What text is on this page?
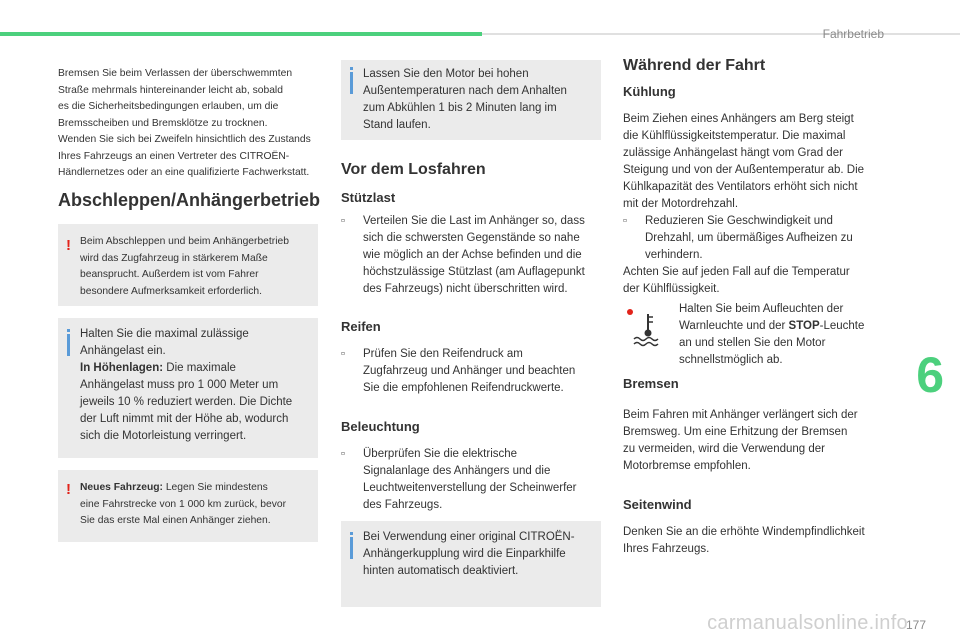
Fahrbetrieb
6
carmanualsonline.info
177
Bremsen Sie beim Verlassen der überschwemmten
Straße mehrmals hintereinander leicht ab, sobald
es die Sicherheitsbedingungen erlauben, um die
Bremsscheiben und Bremsklötze zu trocknen.
Wenden Sie sich bei Zweifeln hinsichtlich des Zustands
Ihres Fahrzeugs an einen Vertreter des CITROËN-
Händlernetzes oder an eine qualifizierte Fachwerkstatt.
Abschleppen/Anhängerbetrieb
! Beim Abschleppen und beim Anhängerbetrieb
wird das Zugfahrzeug in stärkerem Maße
beansprucht. Außerdem ist vom Fahrer
besondere Aufmerksamkeit erforderlich.
Halten Sie die maximal zulässige
Anhängelast ein.
In Höhenlagen: Die maximale
Anhängelast muss pro 1 000 Meter um
jeweils 10 % reduziert werden. Die Dichte
der Luft nimmt mit der Höhe ab, wodurch
sich die Motorleistung verringert.
! Neues Fahrzeug: Legen Sie mindestens
eine Fahrstrecke von 1 000 km zurück, bevor
Sie das erste Mal einen Anhänger ziehen.
Lassen Sie den Motor bei hohen
Außentemperaturen nach dem Anhalten
zum Abkühlen 1 bis 2 Minuten lang im
Stand laufen.
Vor dem Losfahren
Stützlast
▫	Verteilen Sie die Last im Anhänger so, dass
sich die schwersten Gegenstände so nahe
wie möglich an der Achse befinden und die
höchstzulässige Stützlast (am Auflagepunkt
des Fahrzeugs) nicht überschritten wird.
Reifen
▫	Prüfen Sie den Reifendruck am
Zugfahrzeug und Anhänger und beachten
Sie die empfohlenen Reifendruckwerte.
Beleuchtung
▫	Überprüfen Sie die elektrische
Signalanlage des Anhängers und die
Leuchtweitenverstellung der Scheinwerfer
des Fahrzeugs.
Bei Verwendung einer original CITROËN-
Anhängerkupplung wird die Einparkhilfe
hinten automatisch deaktiviert.
Während der Fahrt
Kühlung
Beim Ziehen eines Anhängers am Berg steigt
die Kühlflüssigkeitstemperatur. Die maximal
zulässige Anhängelast hängt vom Grad der
Steigung und von der Außentemperatur ab. Die
Kühlkapazität des Ventilators erhöht sich nicht
mit der Motordrehzahl.
▫	Reduzieren Sie Geschwindigkeit und
Drehzahl, um übermäßiges Aufheizen zu
verhindern.
Achten Sie auf jeden Fall auf die Temperatur
der Kühlflüssigkeit.
Halten Sie beim Aufleuchten der
Warnleuchte und der STOP-Leuchte
an und stellen Sie den Motor
schnellstmöglich ab.
Bremsen
Beim Fahren mit Anhänger verlängert sich der
Bremsweg. Um eine Erhitzung der Bremsen
zu vermeiden, wird die Verwendung der
Motorbremse empfohlen.
Seitenwind
Denken Sie an die erhöhte Windempfindlichkeit
Ihres Fahrzeugs.
